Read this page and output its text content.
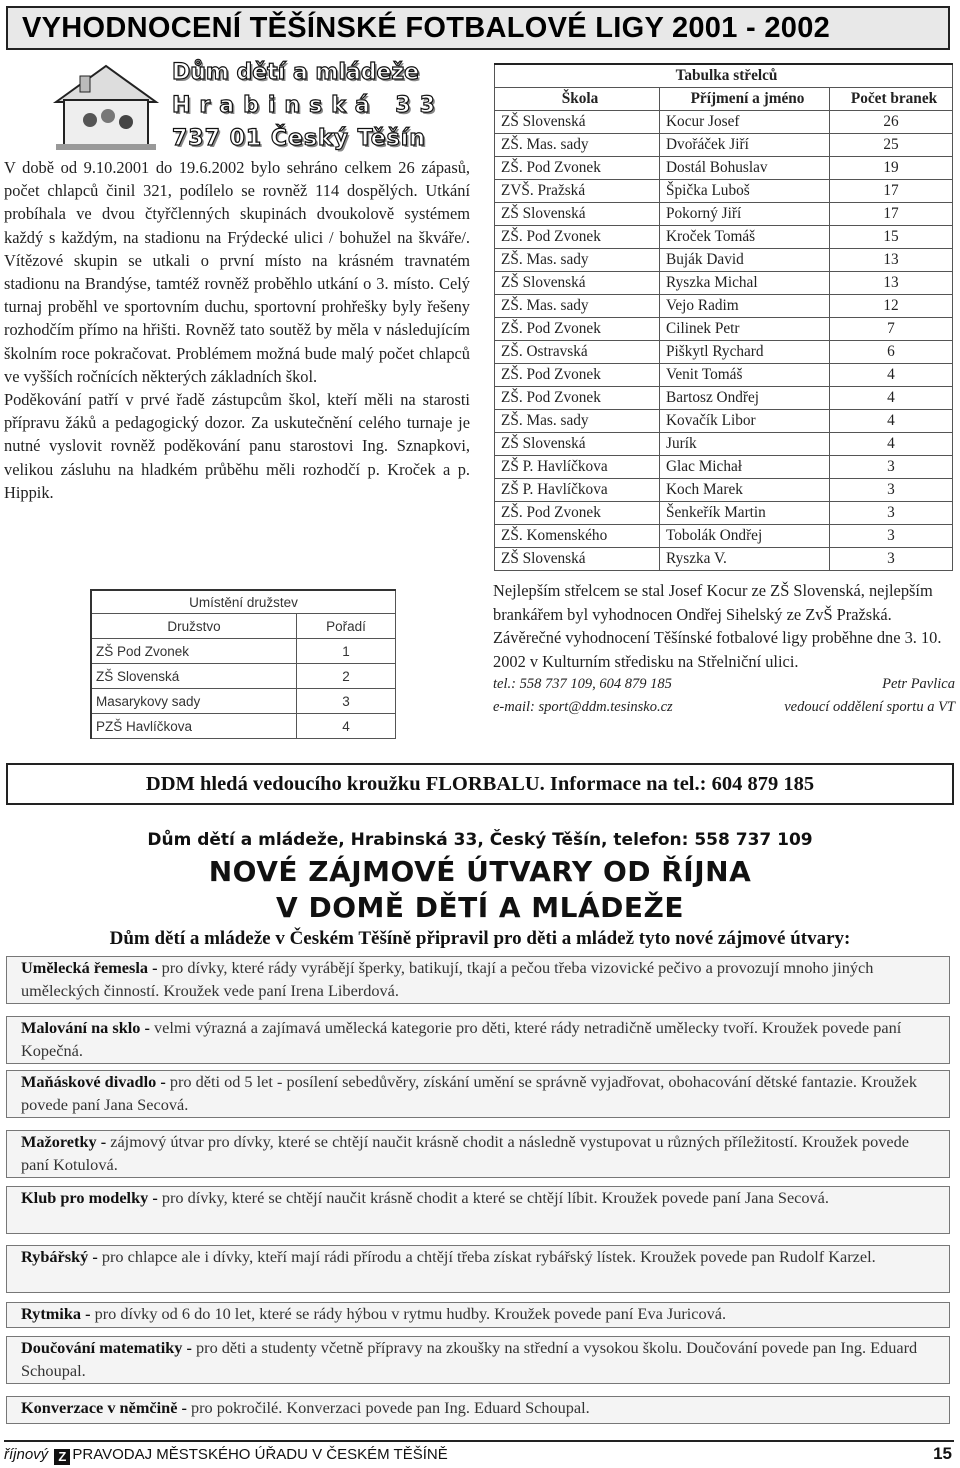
VYHODNOCENÍ TĚŠÍNSKÉ FOTBALOVÉ LIGY 2001 - 2002
Dům dětí a mládeže
Hrabinská 33
737 01 Český Těšín

V době od 9.10.2001 do 19.6.2002 bylo sehráno celkem 26 zápasů, počet chlapců činil 321, podílelo se rovněž 114 dospělých. Utkání probíhala ve dvou čtyřčlenných skupinách dvoukolově systémem každý s každým, na stadionu na Frýdecké ulici / bohužel na škváře/. Vítězové skupin se utkali o první místo na krásném travnatém stadionu na Brandýse, tamtéž rovněž proběhlo utkání o 3. místo. Celý turnaj proběhl ve sportovním duchu, sportovní prohřešky byly řešeny rozhodčím přímo na hřišti. Rovněž tato soutěž by měla v následujícím školním roce pokračovat. Problémem možná bude malý počet chlapců ve vyšších ročnících některých základních škol.

Poděkování patří v prvé řadě zástupcům škol, kteří měli na starosti přípravu žáků a pedagogický dozor. Za uskutečnění celého turnaje je nutné vyslovit rovněž poděkování panu starostovi Ing. Sznapkovi, velikou zásluhu na hladkém průběhu měli rozhodčí p. Kroček a p. Hippik.

Umístění družstev	
Družstvo	Pořadí
ZŠ Pod Zvonek	1
ZŠ Slovenská	2
Masarykovy sady	3
PZŠ Havlíčkova	4
Tabulka střelců		
Škola	Příjmení a jméno	Počet branek
ZŠ Slovenská	Kocur Josef	26
ZŠ. Mas. sady	Dvořáček Jiří	25
ZŠ. Pod Zvonek	Dostál Bohuslav	19
ZVŠ. Pražská	Špička Luboš	17
ZŠ Slovenská	Pokorný Jiří	17
ZŠ. Pod Zvonek	Kroček Tomáš	15
ZŠ. Mas. sady	Buják David	13
ZŠ Slovenská	Ryszka Michal	13
ZŠ. Mas. sady	Vejo Radim	12
ZŠ. Pod Zvonek	Cilinek Petr	7
ZŠ. Ostravská	Piškytl Rychard	6
ZŠ. Pod Zvonek	Venit Tomáš	4
ZŠ. Pod Zvonek	Bartosz Ondřej	4
ZŠ. Mas. sady	Kovačík Libor	4
ZŠ Slovenská	Jurík	4
ZŠ P. Havlíčkova	Glac Michał	3
ZŠ P. Havlíčkova	Koch Marek	3
ZŠ. Pod Zvonek	Šenkeřík Martin	3
ZŠ. Komenského	Tobolák Ondřej	3
ZŠ Slovenská	Ryszka V.	3

Nejlepším střelcem se stal Josef Kocur ze ZŠ Slovenská, nejlepším brankářem byl vyhodnocen Ondřej Sihelský ze ZvŠ Pražská.

Závěrečné vyhodnocení Těšínské fotbalové ligy proběhne dne 3. 10. 2002 v Kulturním středisku na Střelniční ulici.

tel.: 558 737 109, 604 879 185	Petr Pavlica
e-mail: sport@ddm.tesinsko.cz	vedoucí oddělení sportu a VT
DDM hledá vedoucího kroužku FLORBALU. Informace na tel.: 604 879 185
Dům dětí a mládeže, Hrabinská 33, Český Těšín, telefon: 558 737 109
NOVÉ ZÁJMOVÉ ÚTVARY OD ŘÍJNA
V DOMĚ DĚTÍ A MLÁDEŽE
Dům dětí a mládeže v Českém Těšíně připravil pro děti a mládež tyto nové zájmové útvary:
Umělecká řemesla - pro dívky, které rády vyrábějí šperky, batikují, tkají a pečou třeba vizovické pečivo a provozují mnoho jiných uměleckých činností. Kroužek vede paní Irena Liberdová.
Malování na sklo - velmi výrazná a zajímavá umělecká kategorie pro děti, které rády netradičně umělecky tvoří. Kroužek povede paní Kopečná.
Maňáskové divadlo - pro děti od 5 let - posílení sebedůvěry, získání umění se správně vyjadřovat, obohacování dětské fantazie. Kroužek povede paní Jana Secová.
Mažoretky - zájmový útvar pro dívky, které se chtějí naučit krásně chodit a následně vystupovat u různých příležitostí. Kroužek povede paní Kotulová.
Klub pro modelky - pro dívky, které se chtějí naučit krásně chodit a které se chtějí líbit. Kroužek povede paní Jana Secová.
Rybářský - pro chlapce ale i dívky, kteří mají rádi přírodu a chtějí třeba získat rybářský lístek. Kroužek povede pan Rudolf Karzel.
Rytmika - pro dívky od 6 do 10 let, které se rády hýbou v rytmu hudby. Kroužek povede paní Eva Juricová.
Doučování matematiky - pro děti a studenty včetně přípravy na zkoušky na střední a vysokou školu. Doučování povede pan Ing. Eduard Schoupal.
Konverzace v němčině - pro pokročilé. Konverzaci povede pan Ing. Eduard Schoupal.
říjnový Z PRAVODAJ MĚSTSKÉHO ÚŘADU V ČESKÉM TĚŠÍNĚ	15
